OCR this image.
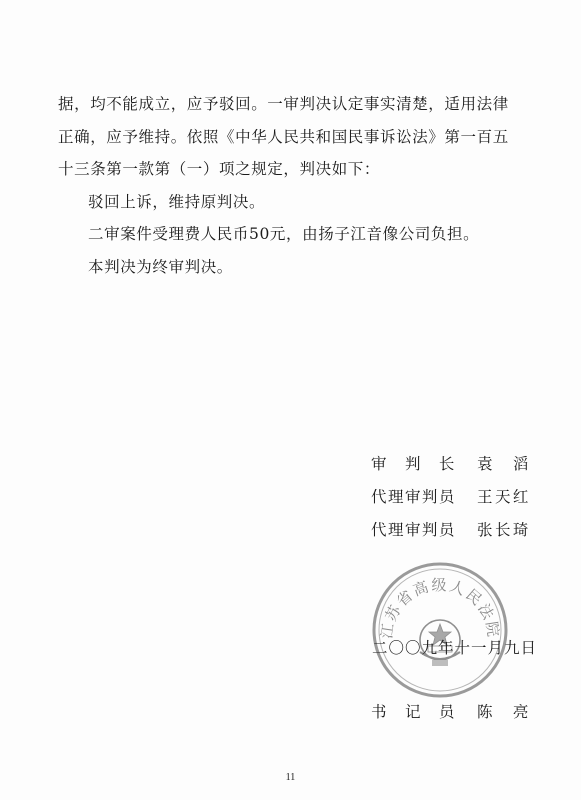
据，均不能成立，应予驳回。一审判决认定事实清楚，适用法律

正确，应予维持。依照《中华人民共和国民事诉讼法》第一百五

十三条第一款第（一）项之规定，判决如下：

驳回上诉，维持原判决。

二审案件受理费人民币50元，由扬子江音像公司负担。

本判决为终审判决。

审判长 袁滔
代理审判员 王天红
代理审判员 张长琦
江苏省高级人民法院
二〇〇九年十一月九日
书记员 陈亮
11
